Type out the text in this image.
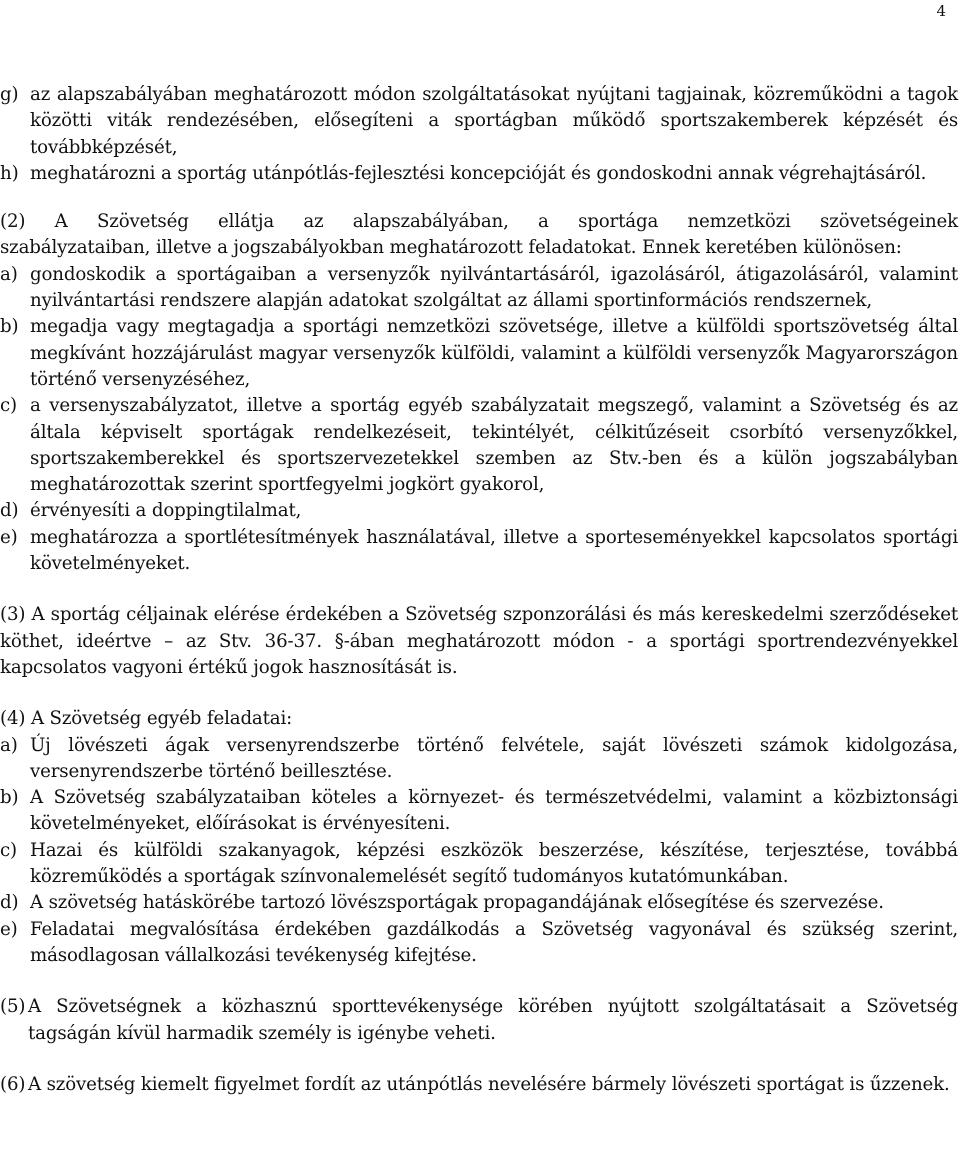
4
g) az alapszabályában meghatározott módon szolgáltatásokat nyújtani tagjainak, közreműködni a tagok közötti viták rendezésében, elősegíteni a sportágban működő sportszakemberek képzését és továbbképzését,
h) meghatározni a sportág utánpótlás-fejlesztési koncepcióját és gondoskodni annak végrehajtásáról.
(2) A Szövetség ellátja az alapszabályában, a sportága nemzetközi szövetségeinek
szabályzataiban, illetve a jogszabályokban meghatározott feladatokat. Ennek keretében különösen:
a) gondoskodik a sportágaiban a versenyzők nyilvántartásáról, igazolásáról, átigazolásáról, valamint nyilvántartási rendszere alapján adatokat szolgáltat az állami sportinformációs rendszernek,
b) megadja vagy megtagadja a sportági nemzetközi szövetsége, illetve a külföldi sportszövetség által megkívánt hozzájárulást magyar versenyzők külföldi, valamint a külföldi versenyzők Magyarországon történő versenyzéséhez,
c) a versenyszabályzatot, illetve a sportág egyéb szabályzatait megszegő, valamint a Szövetség és az általa képviselt sportágak rendelkezéseit, tekintélyét, célkitűzéseit csorbító versenyzőkkel, sportszakemberekkel és sportszervezetekkel szemben az Stv.-ben és a külön jogszabályban meghatározottak szerint sportfegyelmi jogkört gyakorol,
d) érvényesíti a doppingtilalmat,
e) meghatározza a sportlétesítmények használatával, illetve a sporteseményekkel kapcsolatos sportági követelményeket.
(3) A sportág céljainak elérése érdekében a Szövetség szponzorálási és más kereskedelmi szerződéseket köthet, ideértve – az Stv. 36-37. §-ában meghatározott módon - a sportági sportrendezvényekkel kapcsolatos vagyoni értékű jogok hasznosítását is.
(4) A Szövetség egyéb feladatai:
a) Új lövészeti ágak versenyrendszerbe történő felvétele, saját lövészeti számok kidolgozása, versenyrendszerbe történő beillesztése.
b) A Szövetség szabályzataiban köteles a környezet- és természetvédelmi, valamint a közbiztonsági követelményeket, előírásokat is érvényesíteni.
c) Hazai és külföldi szakanyagok, képzési eszközök beszerzése, készítése, terjesztése, továbbá közreműködés a sportágak színvonalemelését segítő tudományos kutatómunkában.
d) A szövetség hatáskörébe tartozó lövészsportágak propagandájának elősegítése és szervezése.
e) Feladatai megvalósítása érdekében gazdálkodás a Szövetség vagyonával és szükség szerint, másodlagosan vállalkozási tevékenység kifejtése.
(5) A Szövetségnek a közhasznú sporttevékenysége körében nyújtott szolgáltatásait a Szövetség tagságán kívül harmadik személy is igénybe veheti.
(6) A szövetség kiemelt figyelmet fordít az utánpótlás nevelésére bármely lövészeti sportágat is űzzenek.
